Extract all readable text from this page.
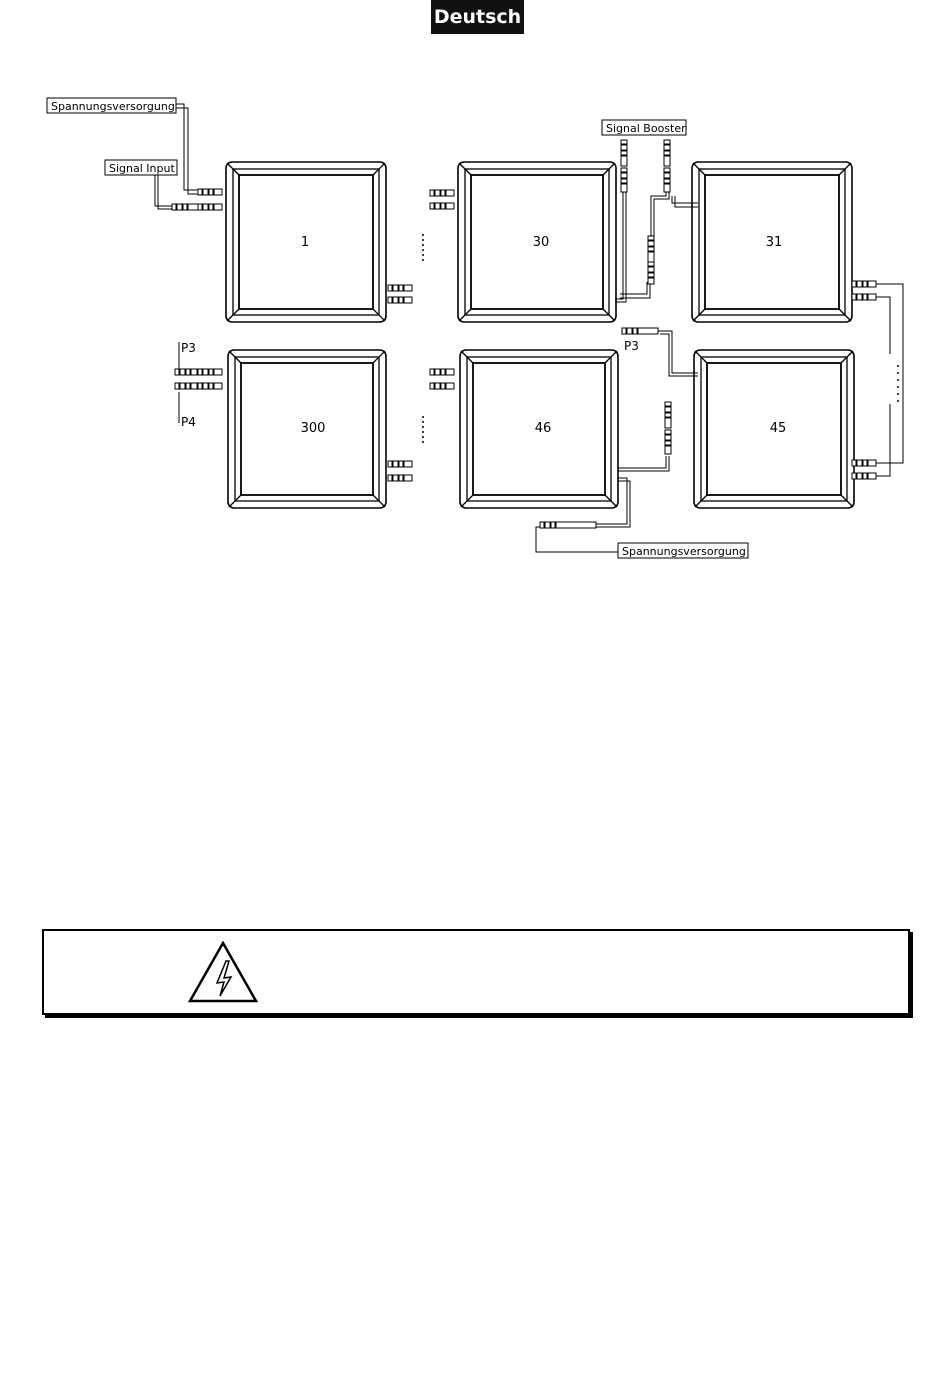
Deutsch
Spannungsversorgung
Signal Input
Signal Booster
Spannungsversorgung
P3
P4
P3
1	30	31
300	46	45
